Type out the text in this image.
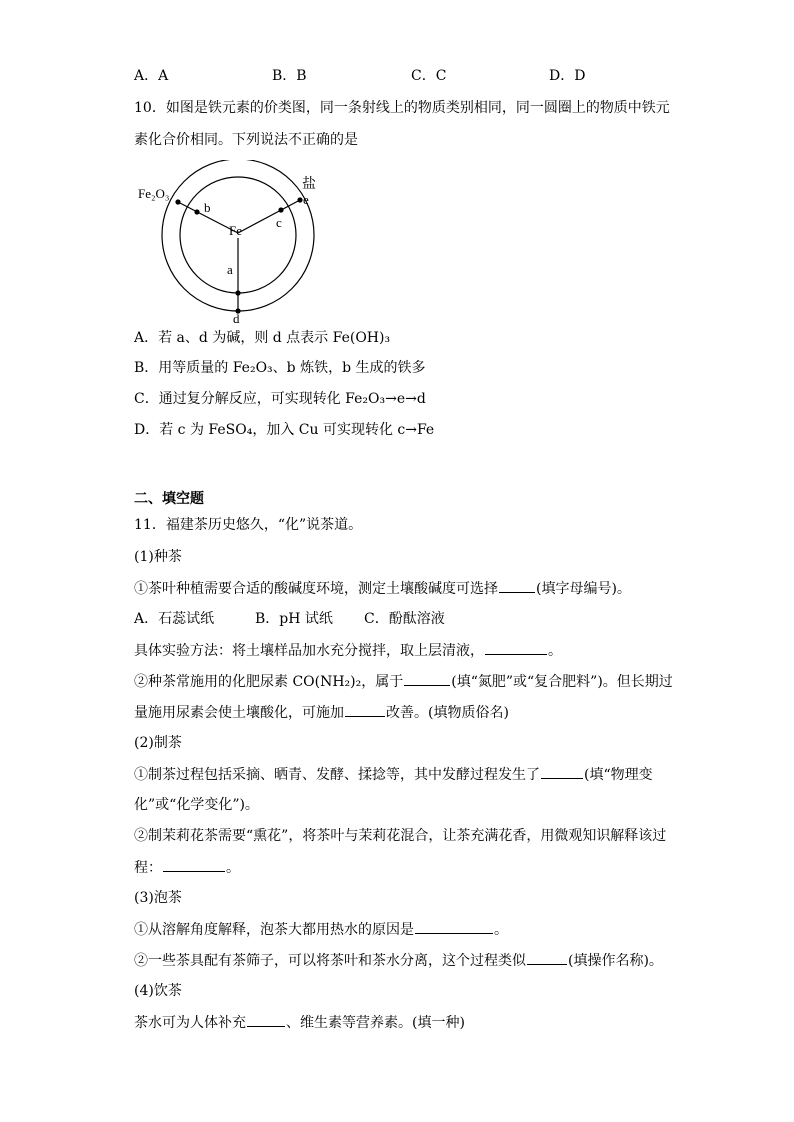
A．A	B．B	C．C	D．D
10．如图是铁元素的价类图，同一条射线上的物质类别相同，同一圆圈上的物质中铁元
素化合价相同。下列说法不正确的是
Fe₂O₃
盐
Fe
a
b
c
d
e
A．若 a、d 为碱，则 d 点表示 Fe(OH)₃
B．用等质量的 Fe₂O₃、b 炼铁，b 生成的铁多
C．通过复分解反应，可实现转化 Fe₂O₃→e→d
D．若 c 为 FeSO₄，加入 Cu 可实现转化 c→Fe
二、填空题
11．福建茶历史悠久，“化”说茶道。
(1)种茶
①茶叶种植需要合适的酸碱度环境，测定土壤酸碱度可选择	(填字母编号)。
A．石蕊试纸	B．pH 试纸 C．酚酞溶液
具体实验方法：将土壤样品加水充分搅拌，取上层清液，	。
②种茶常施用的化肥尿素 CO(NH₂)₂，属于	(填“氮肥”或“复合肥料”)。但长期过
量施用尿素会使土壤酸化，可施加	改善。(填物质俗名)
(2)制茶
①制茶过程包括采摘、晒青、发酵、揉捻等，其中发酵过程发生了	(填“物理变
化”或“化学变化”)。
②制茉莉花茶需要“熏花”，将茶叶与茉莉花混合，让茶充满花香，用微观知识解释该过
程：	。
(3)泡茶
①从溶解角度解释，泡茶大都用热水的原因是	。
②一些茶具配有茶筛子，可以将茶叶和茶水分离，这个过程类似	(填操作名称)。
(4)饮茶
茶水可为人体补充	、维生素等营养素。(填一种)
